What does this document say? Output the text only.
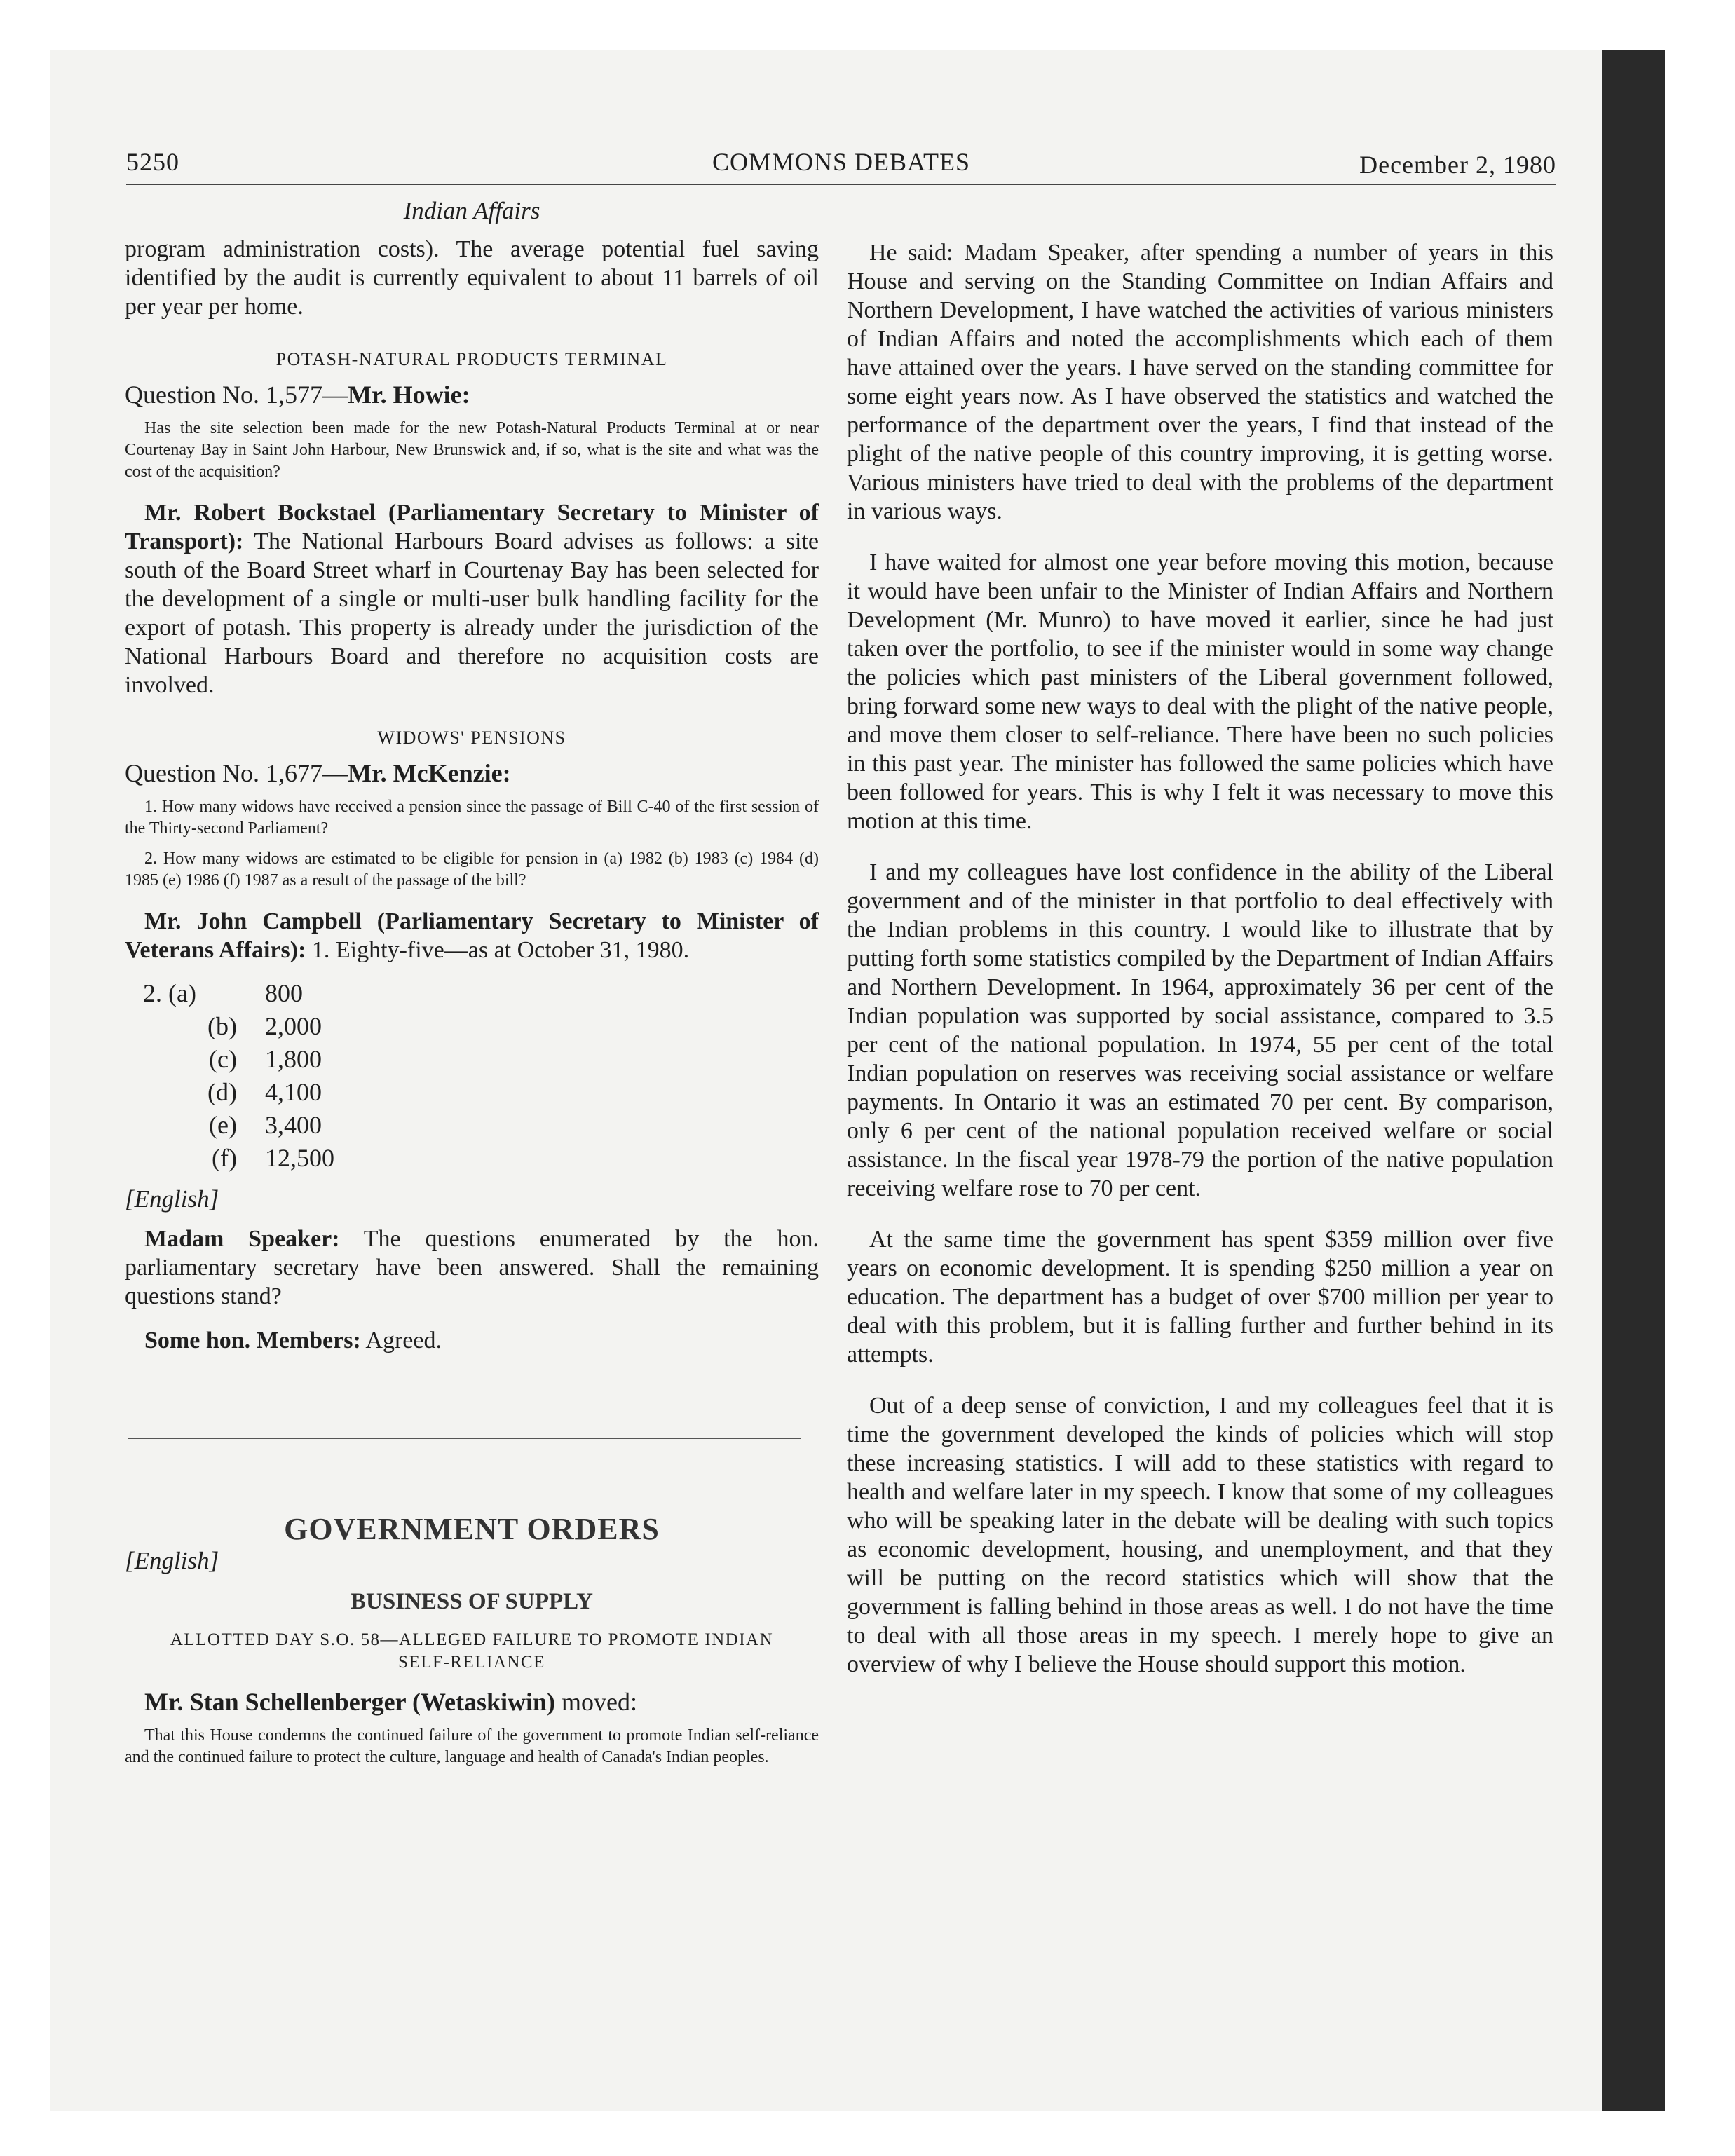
5250	COMMONS DEBATES	December 2, 1980

Indian Affairs

program administration costs). The average potential fuel saving identified by the audit is currently equivalent to about 11 barrels of oil per year per home.

POTASH-NATURAL PRODUCTS TERMINAL

Question No. 1,577—Mr. Howie:

Has the site selection been made for the new Potash-Natural Products Terminal at or near Courtenay Bay in Saint John Harbour, New Brunswick and, if so, what is the site and what was the cost of the acquisition?

Mr. Robert Bockstael (Parliamentary Secretary to Minister of Transport): The National Harbours Board advises as follows: a site south of the Board Street wharf in Courtenay Bay has been selected for the development of a single or multi-user bulk handling facility for the export of potash. This property is already under the jurisdiction of the National Harbours Board and therefore no acquisition costs are involved.

WIDOWS' PENSIONS

Question No. 1,677—Mr. McKenzie:

1. How many widows have received a pension since the passage of Bill C-40 of the first session of the Thirty-second Parliament?

2. How many widows are estimated to be eligible for pension in (a) 1982 (b) 1983 (c) 1984 (d) 1985 (e) 1986 (f) 1987 as a result of the passage of the bill?

Mr. John Campbell (Parliamentary Secretary to Minister of Veterans Affairs): 1. Eighty-five—as at October 31, 1980.

2. (a)	800
(b) 2,000
(c) 1,800
(d) 4,100
(e) 3,400
(f) 12,500

[English]

Madam Speaker: The questions enumerated by the hon. parliamentary secretary have been answered. Shall the remaining questions stand?

Some hon. Members: Agreed.

GOVERNMENT ORDERS

[English]

BUSINESS OF SUPPLY

ALLOTTED DAY S.O. 58—ALLEGED FAILURE TO PROMOTE INDIAN SELF-RELIANCE

Mr. Stan Schellenberger (Wetaskiwin) moved:

That this House condemns the continued failure of the government to promote Indian self-reliance and the continued failure to protect the culture, language and health of Canada's Indian peoples.

He said: Madam Speaker, after spending a number of years in this House and serving on the Standing Committee on Indian Affairs and Northern Development, I have watched the activities of various ministers of Indian Affairs and noted the accomplishments which each of them have attained over the years. I have served on the standing committee for some eight years now. As I have observed the statistics and watched the performance of the department over the years, I find that instead of the plight of the native people of this country improving, it is getting worse. Various ministers have tried to deal with the problems of the department in various ways.

I have waited for almost one year before moving this motion, because it would have been unfair to the Minister of Indian Affairs and Northern Development (Mr. Munro) to have moved it earlier, since he had just taken over the portfolio, to see if the minister would in some way change the policies which past ministers of the Liberal government followed, bring forward some new ways to deal with the plight of the native people, and move them closer to self-reliance. There have been no such policies in this past year. The minister has followed the same policies which have been followed for years. This is why I felt it was necessary to move this motion at this time.

I and my colleagues have lost confidence in the ability of the Liberal government and of the minister in that portfolio to deal effectively with the Indian problems in this country. I would like to illustrate that by putting forth some statistics compiled by the Department of Indian Affairs and Northern Development. In 1964, approximately 36 per cent of the Indian population was supported by social assistance, compared to 3.5 per cent of the national population. In 1974, 55 per cent of the total Indian population on reserves was receiving social assistance or welfare payments. In Ontario it was an estimated 70 per cent. By comparison, only 6 per cent of the national population received welfare or social assistance. In the fiscal year 1978-79 the portion of the native population receiving welfare rose to 70 per cent.

At the same time the government has spent $359 million over five years on economic development. It is spending $250 million a year on education. The department has a budget of over $700 million per year to deal with this problem, but it is falling further and further behind in its attempts.

Out of a deep sense of conviction, I and my colleagues feel that it is time the government developed the kinds of policies which will stop these increasing statistics. I will add to these statistics with regard to health and welfare later in my speech. I know that some of my colleagues who will be speaking later in the debate will be dealing with such topics as economic development, housing, and unemployment, and that they will be putting on the record statistics which will show that the government is falling behind in those areas as well. I do not have the time to deal with all those areas in my speech. I merely hope to give an overview of why I believe the House should support this motion.
